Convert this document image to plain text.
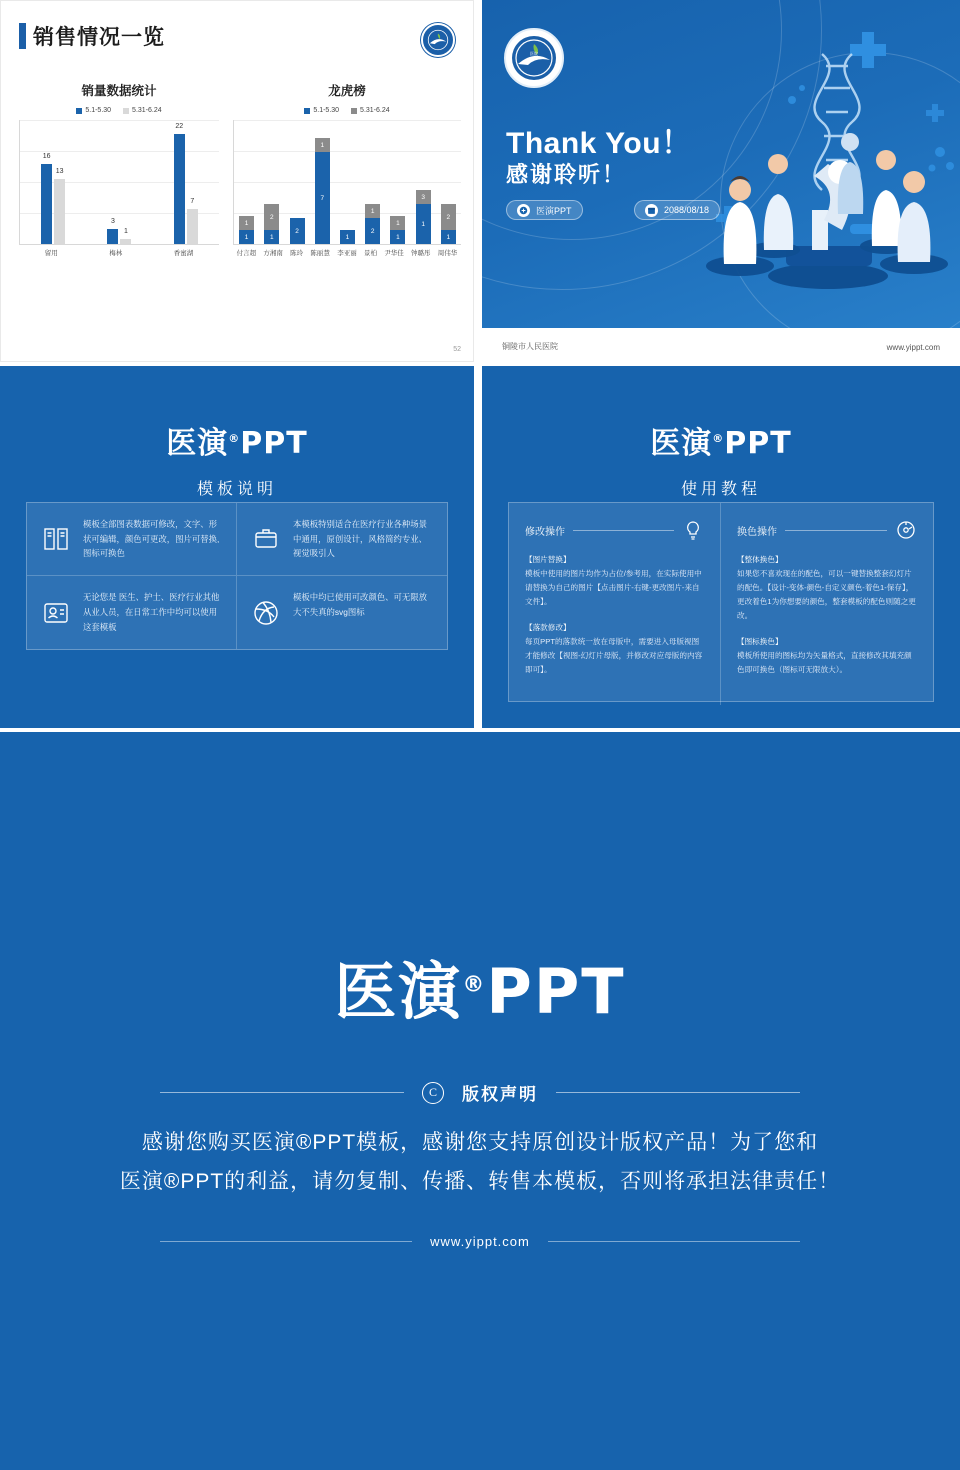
销售情况一览
销量数据统计
5.1-5.30	5.31-6.24
16
13
3
1
22
7
留用	梅林	香蜜湖
龙虎榜
5.1-5.30	5.31-6.24
1
1
2
1
2
1
7
1
1
2
1
1
3
1
2
1
付言超 方湘南 陈玲 陈丽慧 李亚丽 景柏 尹华佳 钟璐彤 周伟华
52
医院
Thank You！
感谢聆听！
医演PPT	2088/08/18
铜陵市人民医院	www.yippt.com
医演®PPT
模板说明
模板全部图表数据可修改，文字、形状可编辑，颜色可更改，图片可替换,图标可换色
本模板特别适合在医疗行业各种场景中通用，原创设计，风格简约专业、视觉吸引人
无论您是 医生、护士、医疗行业其他从业人员，在日常工作中均可以使用这套模板
模板中均已使用可改颜色、可无限放大不失真的svg图标
医演®PPT
使用教程
修改操作
【图片替换】
模板中使用的图片均作为占位/参考用，在实际使用中请替换为自己的图片【点击图片-右键-更改图片-来自文件】。
【落款修改】
每页PPT的落款统一放在母版中，需要进入母版视图才能修改【视图-幻灯片母版，并修改对应母版的内容即可】。
换色操作
【整体换色】
如果您不喜欢现在的配色，可以一键替换整套幻灯片的配色。【设计-变体-颜色-自定义颜色-着色1-保存】，更改着色1为你想要的颜色，整套模板的配色则随之更改。
【图标换色】
模板所使用的图标均为矢量格式，直接修改其填充颜色即可换色（图标可无限放大）。
医演®PPT
C	版权声明
感谢您购买医演®PPT模板，感谢您支持原创设计版权产品！为了您和
医演®PPT的利益，请勿复制、传播、转售本模板，否则将承担法律责任！
www.yippt.com
